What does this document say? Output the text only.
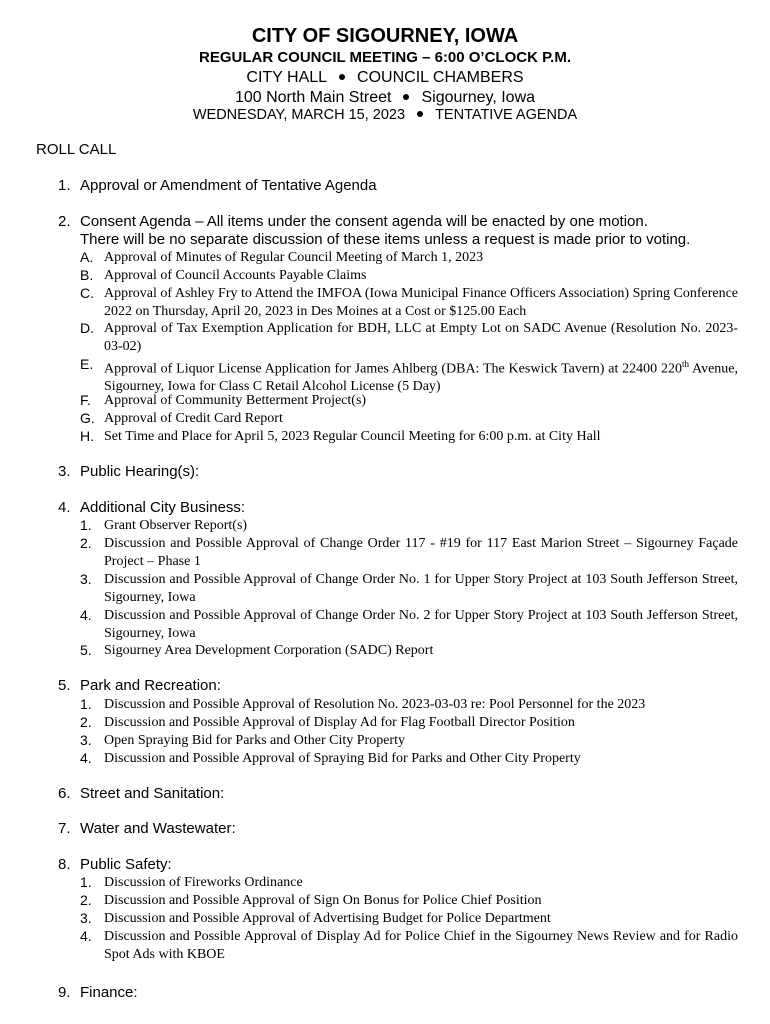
CITY OF SIGOURNEY, IOWA
REGULAR COUNCIL MEETING – 6:00 O’CLOCK P.M.
CITY HALL COUNCIL CHAMBERS
100 North Main Street Sigourney, Iowa
WEDNESDAY, MARCH 15, 2023 TENTATIVE AGENDA
ROLL CALL
1. Approval or Amendment of Tentative Agenda
2. Consent Agenda – All items under the consent agenda will be enacted by one motion.
There will be no separate discussion of these items unless a request is made prior to voting.
A. Approval of Minutes of Regular Council Meeting of March 1, 2023
B. Approval of Council Accounts Payable Claims
C. Approval of Ashley Fry to Attend the IMFOA (Iowa Municipal Finance Officers Association) Spring Conference 2022 on Thursday, April 20, 2023 in Des Moines at a Cost or $125.00 Each
D. Approval of Tax Exemption Application for BDH, LLC at Empty Lot on SADC Avenue (Resolution No. 2023-03-02)
E. Approval of Liquor License Application for James Ahlberg (DBA: The Keswick Tavern) at 22400 220th Avenue, Sigourney, Iowa for Class C Retail Alcohol License (5 Day)
F. Approval of Community Betterment Project(s)
G. Approval of Credit Card Report
H. Set Time and Place for April 5, 2023 Regular Council Meeting for 6:00 p.m. at City Hall
3. Public Hearing(s):
4. Additional City Business:
1. Grant Observer Report(s)
2. Discussion and Possible Approval of Change Order 117 - #19 for 117 East Marion Street – Sigourney Façade Project – Phase 1
3. Discussion and Possible Approval of Change Order No. 1 for Upper Story Project at 103 South Jefferson Street, Sigourney, Iowa
4. Discussion and Possible Approval of Change Order No. 2 for Upper Story Project at 103 South Jefferson Street, Sigourney, Iowa
5. Sigourney Area Development Corporation (SADC) Report
5. Park and Recreation:
1. Discussion and Possible Approval of Resolution No. 2023-03-03 re: Pool Personnel for the 2023
2. Discussion and Possible Approval of Display Ad for Flag Football Director Position
3. Open Spraying Bid for Parks and Other City Property
4. Discussion and Possible Approval of Spraying Bid for Parks and Other City Property
6. Street and Sanitation:
7. Water and Wastewater:
8. Public Safety:
1. Discussion of Fireworks Ordinance
2. Discussion and Possible Approval of Sign On Bonus for Police Chief Position
3. Discussion and Possible Approval of Advertising Budget for Police Department
4. Discussion and Possible Approval of Display Ad for Police Chief in the Sigourney News Review and for Radio Spot Ads with KBOE
9. Finance:
